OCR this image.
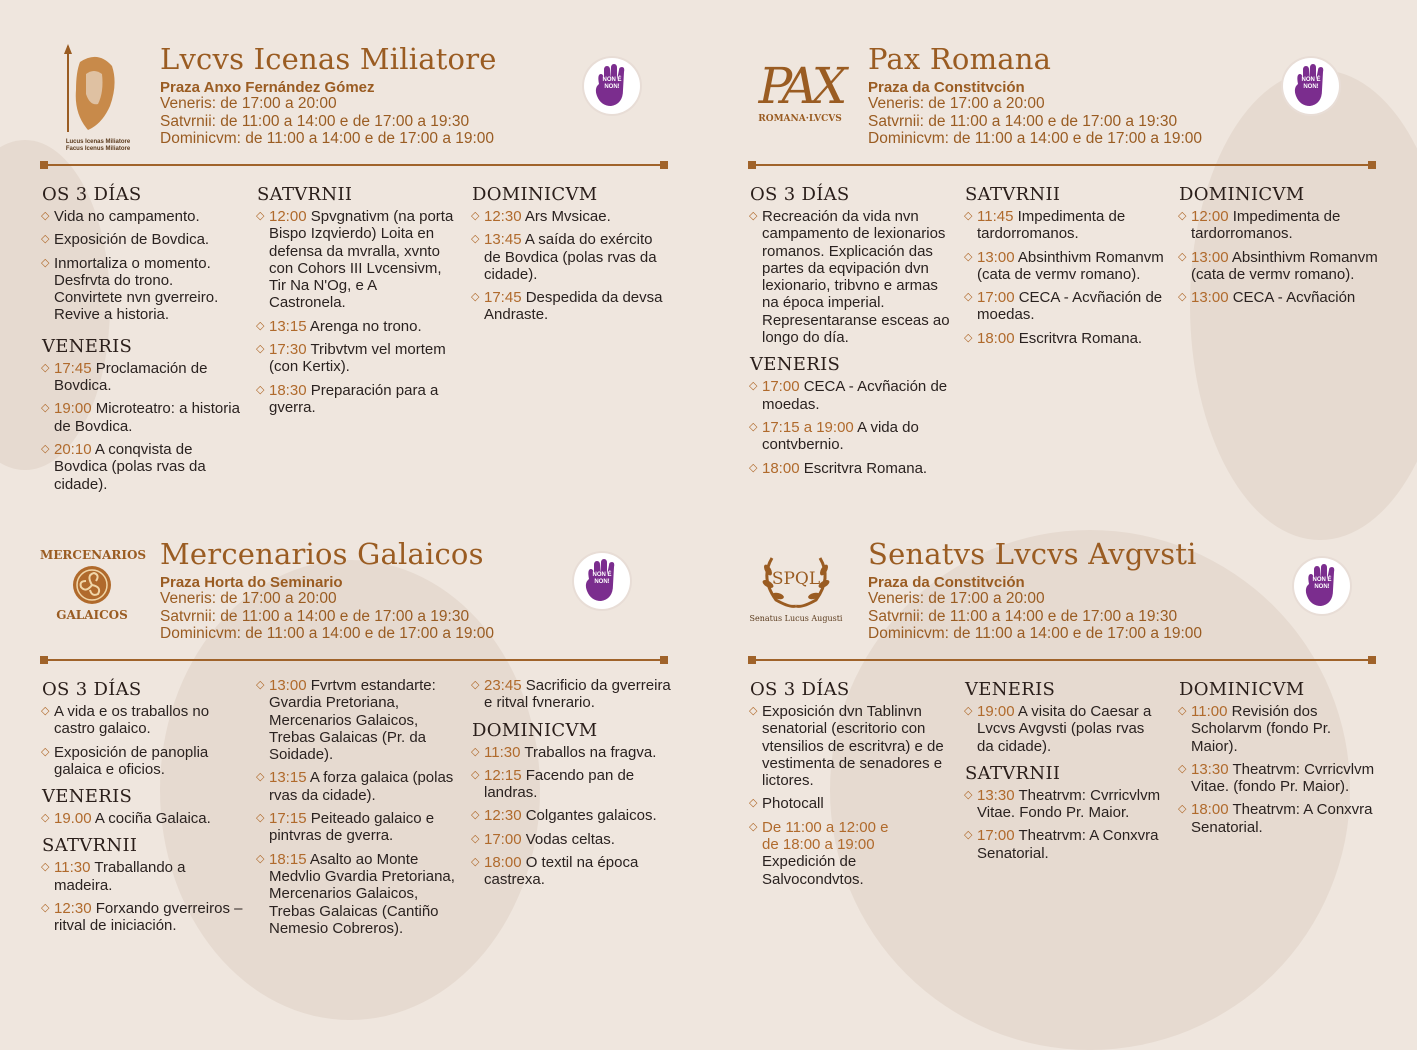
Lucus Icenas Miliatore Facus Icenus Miliatore
Lvcvs Icenas Miliatore
Praza Anxo Fernández Gómez
Veneris: de 17:00 a 20:00
Satvrnii: de 11:00 a 14:00 e de 17:00 a 19:30
Dominicvm: de 11:00 a 14:00 e de 17:00 a 19:00
NON É NON!
OS 3 DÍAS
◇ Vida no campamento.
◇ Exposición de Bovdica.
◇ Inmortaliza o momento. Desfrvta do trono. Convirtete nvn gverreiro. Revive a historia.
VENERIS
◇ 17:45 Proclamación de Bovdica.
◇ 19:00 Microteatro: a historia de Bovdica.
◇ 20:10 A conqvista de Bovdica (polas rvas da cidade).
SATVRNII
◇ 12:00 Spvgnativm (na porta Bispo Izqvierdo) Loita en defensa da mvralla, xvnto con Cohors III Lvcensivm, Tir Na N'Og, e A Castronela.
◇ 13:15 Arenga no trono.
◇ 17:30 Tribvtvm vel mortem (con Kertix).
◇ 18:30 Preparación para a gverra.
DOMINICVM
◇ 12:30 Ars Mvsicae.
◇ 13:45 A saída do exército de Bovdica (polas rvas da cidade).
◇ 17:45 Despedida da devsa Andraste.
PAX
ROMANA·LVCVS
Pax Romana
Praza da Constitvción
Veneris: de 17:00 a 20:00
Satvrnii: de 11:00 a 14:00 e de 17:00 a 19:30
Dominicvm: de 11:00 a 14:00 e de 17:00 a 19:00
NON É NON!
OS 3 DÍAS
◇ Recreación da vida nvn campamento de lexionarios romanos. Explicación das partes da eqvipación dvn lexionario, tribvno e armas na época imperial. Representaranse esceas ao longo do día.
VENERIS
◇ 17:00 CECA - Acvñación de moedas.
◇ 17:15 a 19:00 A vida do contvbernio.
◇ 18:00 Escritvra Romana.
SATVRNII
◇ 11:45 Impedimenta de tardorromanos.
◇ 13:00 Absinthivm Romanvm (cata de vermv romano).
◇ 17:00 CECA - Acvñación de moedas.
◇ 18:00 Escritvra Romana.
DOMINICVM
◇ 12:00 Impedimenta de tardorromanos.
◇ 13:00 Absinthivm Romanvm (cata de vermv romano).
◇ 13:00 CECA - Acvñación
MERCENARIOS
GALAICOS
Mercenarios Galaicos
Praza Horta do Seminario
Veneris: de 17:00 a 20:00
Satvrnii: de 11:00 a 14:00 e de 17:00 a 19:30
Dominicvm: de 11:00 a 14:00 e de 17:00 a 19:00
NON É NON!
OS 3 DÍAS
◇ A vida e os traballos no castro galaico.
◇ Exposición de panoplia galaica e oficios.
VENERIS
◇ 19.00 A cociña Galaica.
SATVRNII
◇ 11:30 Traballando a madeira.
◇ 12:30 Forxando gverreiros – ritval de iniciación.
◇ 13:00 Fvrtvm estandarte: Gvardia Pretoriana, Mercenarios Galaicos, Trebas Galaicas (Pr. da Soidade).
◇ 13:15 A forza galaica (polas rvas da cidade).
◇ 17:15 Peiteado galaico e pintvras de gverra.
◇ 18:15 Asalto ao Monte Medvlio Gvardia Pretoriana, Mercenarios Galaicos, Trebas Galaicas (Cantiño Nemesio Cobreros).
◇ 23:45 Sacrificio da gverreira e ritval fvnerario.
DOMINICVM
◇ 11:30 Traballos na fragva.
◇ 12:15 Facendo pan de landras.
◇ 12:30 Colgantes galaicos.
◇ 17:00 Vodas celtas.
◇ 18:00 O textil na época castrexa.
SPQL
Senatus Lucus Augusti
Senatvs Lvcvs Avgvsti
Praza da Constitvción
Veneris: de 17:00 a 20:00
Satvrnii: de 11:00 a 14:00 e de 17:00 a 19:30
Dominicvm: de 11:00 a 14:00 e de 17:00 a 19:00
NON É NON!
OS 3 DÍAS
◇ Exposición dvn Tablinvn senatorial (escritorio con vtensilios de escritvra) e de vestimenta de senadores e lictores.
◇ Photocall
◇ De 11:00 a 12:00 e de 18:00 a 19:00
Expedición de Salvocondvtos.
VENERIS
◇ 19:00 A visita do Caesar a Lvcvs Avgvsti (polas rvas da cidade).
SATVRNII
◇ 13:30 Theatrvm: Cvrricvlvm Vitae. Fondo Pr. Maior.
◇ 17:00 Theatrvm: A Conxvra Senatorial.
DOMINICVM
◇ 11:00 Revisión dos Scholarvm (fondo Pr. Maior).
◇ 13:30 Theatrvm: Cvrricvlvm Vitae. (fondo Pr. Maior).
◇ 18:00 Theatrvm: A Conxvra Senatorial.
